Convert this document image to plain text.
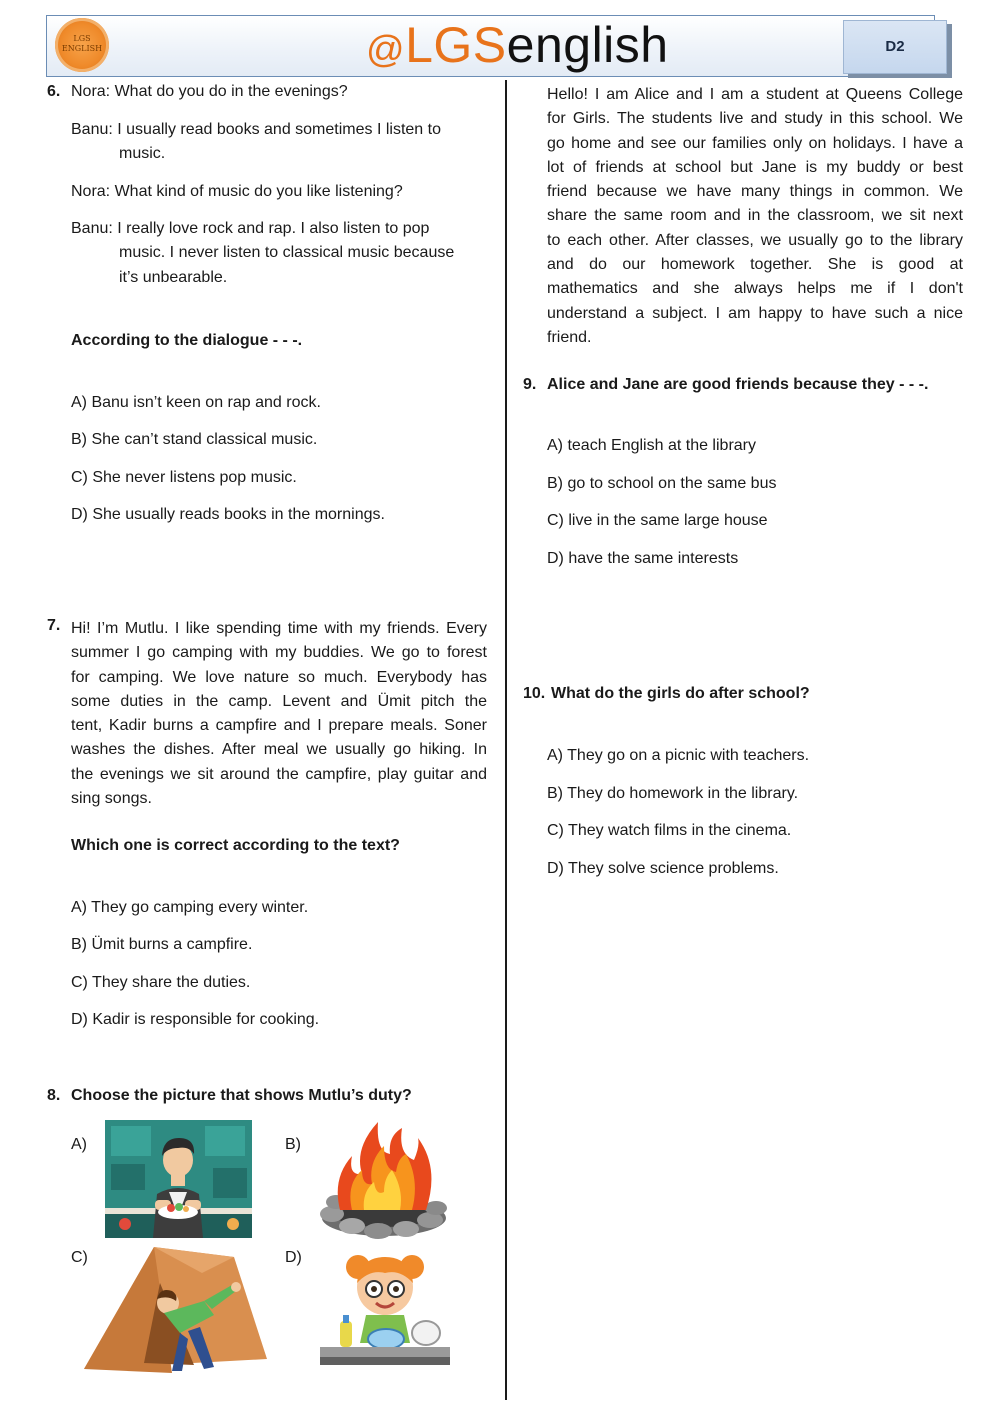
LGS ENGLISH	@LGSenglish	D2
6. Nora: What do you do in the evenings?
Banu: I usually read books and sometimes I listen to
music.
Nora: What kind of music do you like listening?
Banu: I really love rock and rap. I also listen to pop
music. I never listen to classical music because
it’s unbearable.
According to the dialogue - - -.
A) Banu isn’t keen on rap and rock.
B) She can’t stand classical music.
C) She never listens pop music.
D) She usually reads books in the mornings.
7. Hi! I’m Mutlu. I like spending time with my friends. Every
summer I go camping with my buddies. We go to forest
for camping. We love nature so much. Everybody has
some duties in the camp. Levent and Ümit pitch the
tent, Kadir burns a campfire and I prepare meals. Soner
washes the dishes. After meal we usually go hiking. In
the evenings we sit around the campfire, play guitar and
sing songs.
Which one is correct according to the text?
A) They go camping every winter.
B) Ümit burns a campfire.
C) They share the duties.
D) Kadir is responsible for cooking.
8. Choose the picture that shows Mutlu’s duty?
A)	B)
C)	D)
Hello! I am Alice and I am a student at Queens College
for Girls. The students live and study in this school. We
go home and see our families only on holidays. I have a
lot of friends at school but Jane is my buddy or best
friend because we have many things in common. We
share the same room and in the classroom, we sit next
to each other. After classes, we usually go to the library
and do our homework together. She is good at
mathematics and she always helps me if I don't
understand a subject. I am happy to have such a nice
friend.
9. Alice and Jane are good friends because they - - -.
A) teach English at the library
B) go to school on the same bus
C) live in the same large house
D) have the same interests
10. What do the girls do after school?
A) They go on a picnic with teachers.
B) They do homework in the library.
C) They watch films in the cinema.
D) They solve science problems.
